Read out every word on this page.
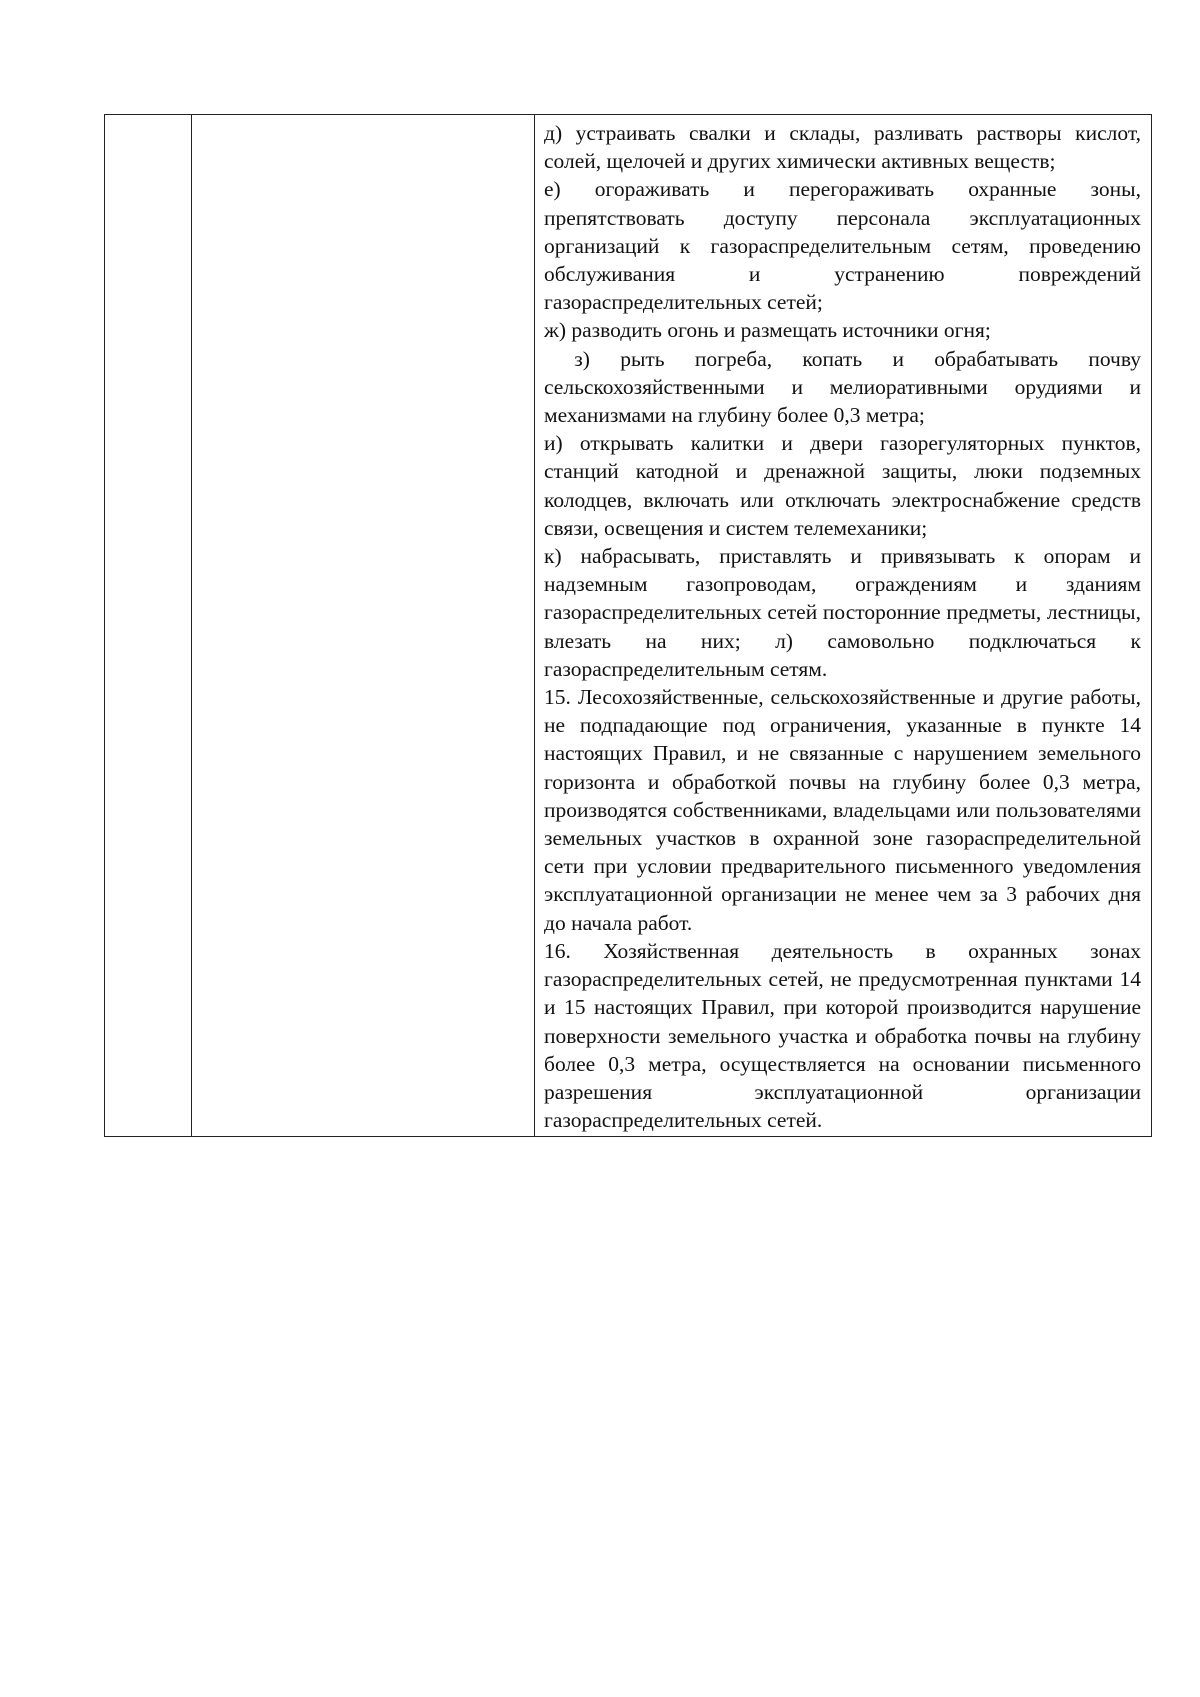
д) устраивать свалки и склады, разливать растворы кислот, солей, щелочей и других химически активных веществ;

е) огораживать и перегораживать охранные зоны, препятствовать доступу персонала эксплуатационных организаций к газораспределительным сетям, проведению обслуживания и устранению повреждений газораспределительных сетей;

ж) разводить огонь и размещать источники огня;

з) рыть погреба, копать и обрабатывать почву сельскохозяйственными и мелиоративными орудиями и механизмами на глубину более 0,3 метра;

и) открывать калитки и двери газорегуляторных пунктов, станций катодной и дренажной защиты, люки подземных колодцев, включать или отключать электроснабжение средств связи, освещения и систем телемеханики;

к) набрасывать, приставлять и привязывать к опорам и надземным газопроводам, ограждениям и зданиям газораспределительных сетей посторонние предметы, лестницы, влезать на них; л) самовольно подключаться к газораспределительным сетям.

15. Лесохозяйственные, сельскохозяйственные и другие работы, не подпадающие под ограничения, указанные в пункте 14 настоящих Правил, и не связанные с нарушением земельного горизонта и обработкой почвы на глубину более 0,3 метра, производятся собственниками, владельцами или пользователями земельных участков в охранной зоне газораспределительной сети при условии предварительного письменного уведомления эксплуатационной организации не менее чем за 3 рабочих дня до начала работ.

16. Хозяйственная деятельность в охранных зонах газораспределительных сетей, не предусмотренная пунктами 14 и 15 настоящих Правил, при которой производится нарушение поверхности земельного участка и обработка почвы на глубину более 0,3 метра, осуществляется на основании письменного разрешения эксплуатационной организации газораспределительных сетей.
